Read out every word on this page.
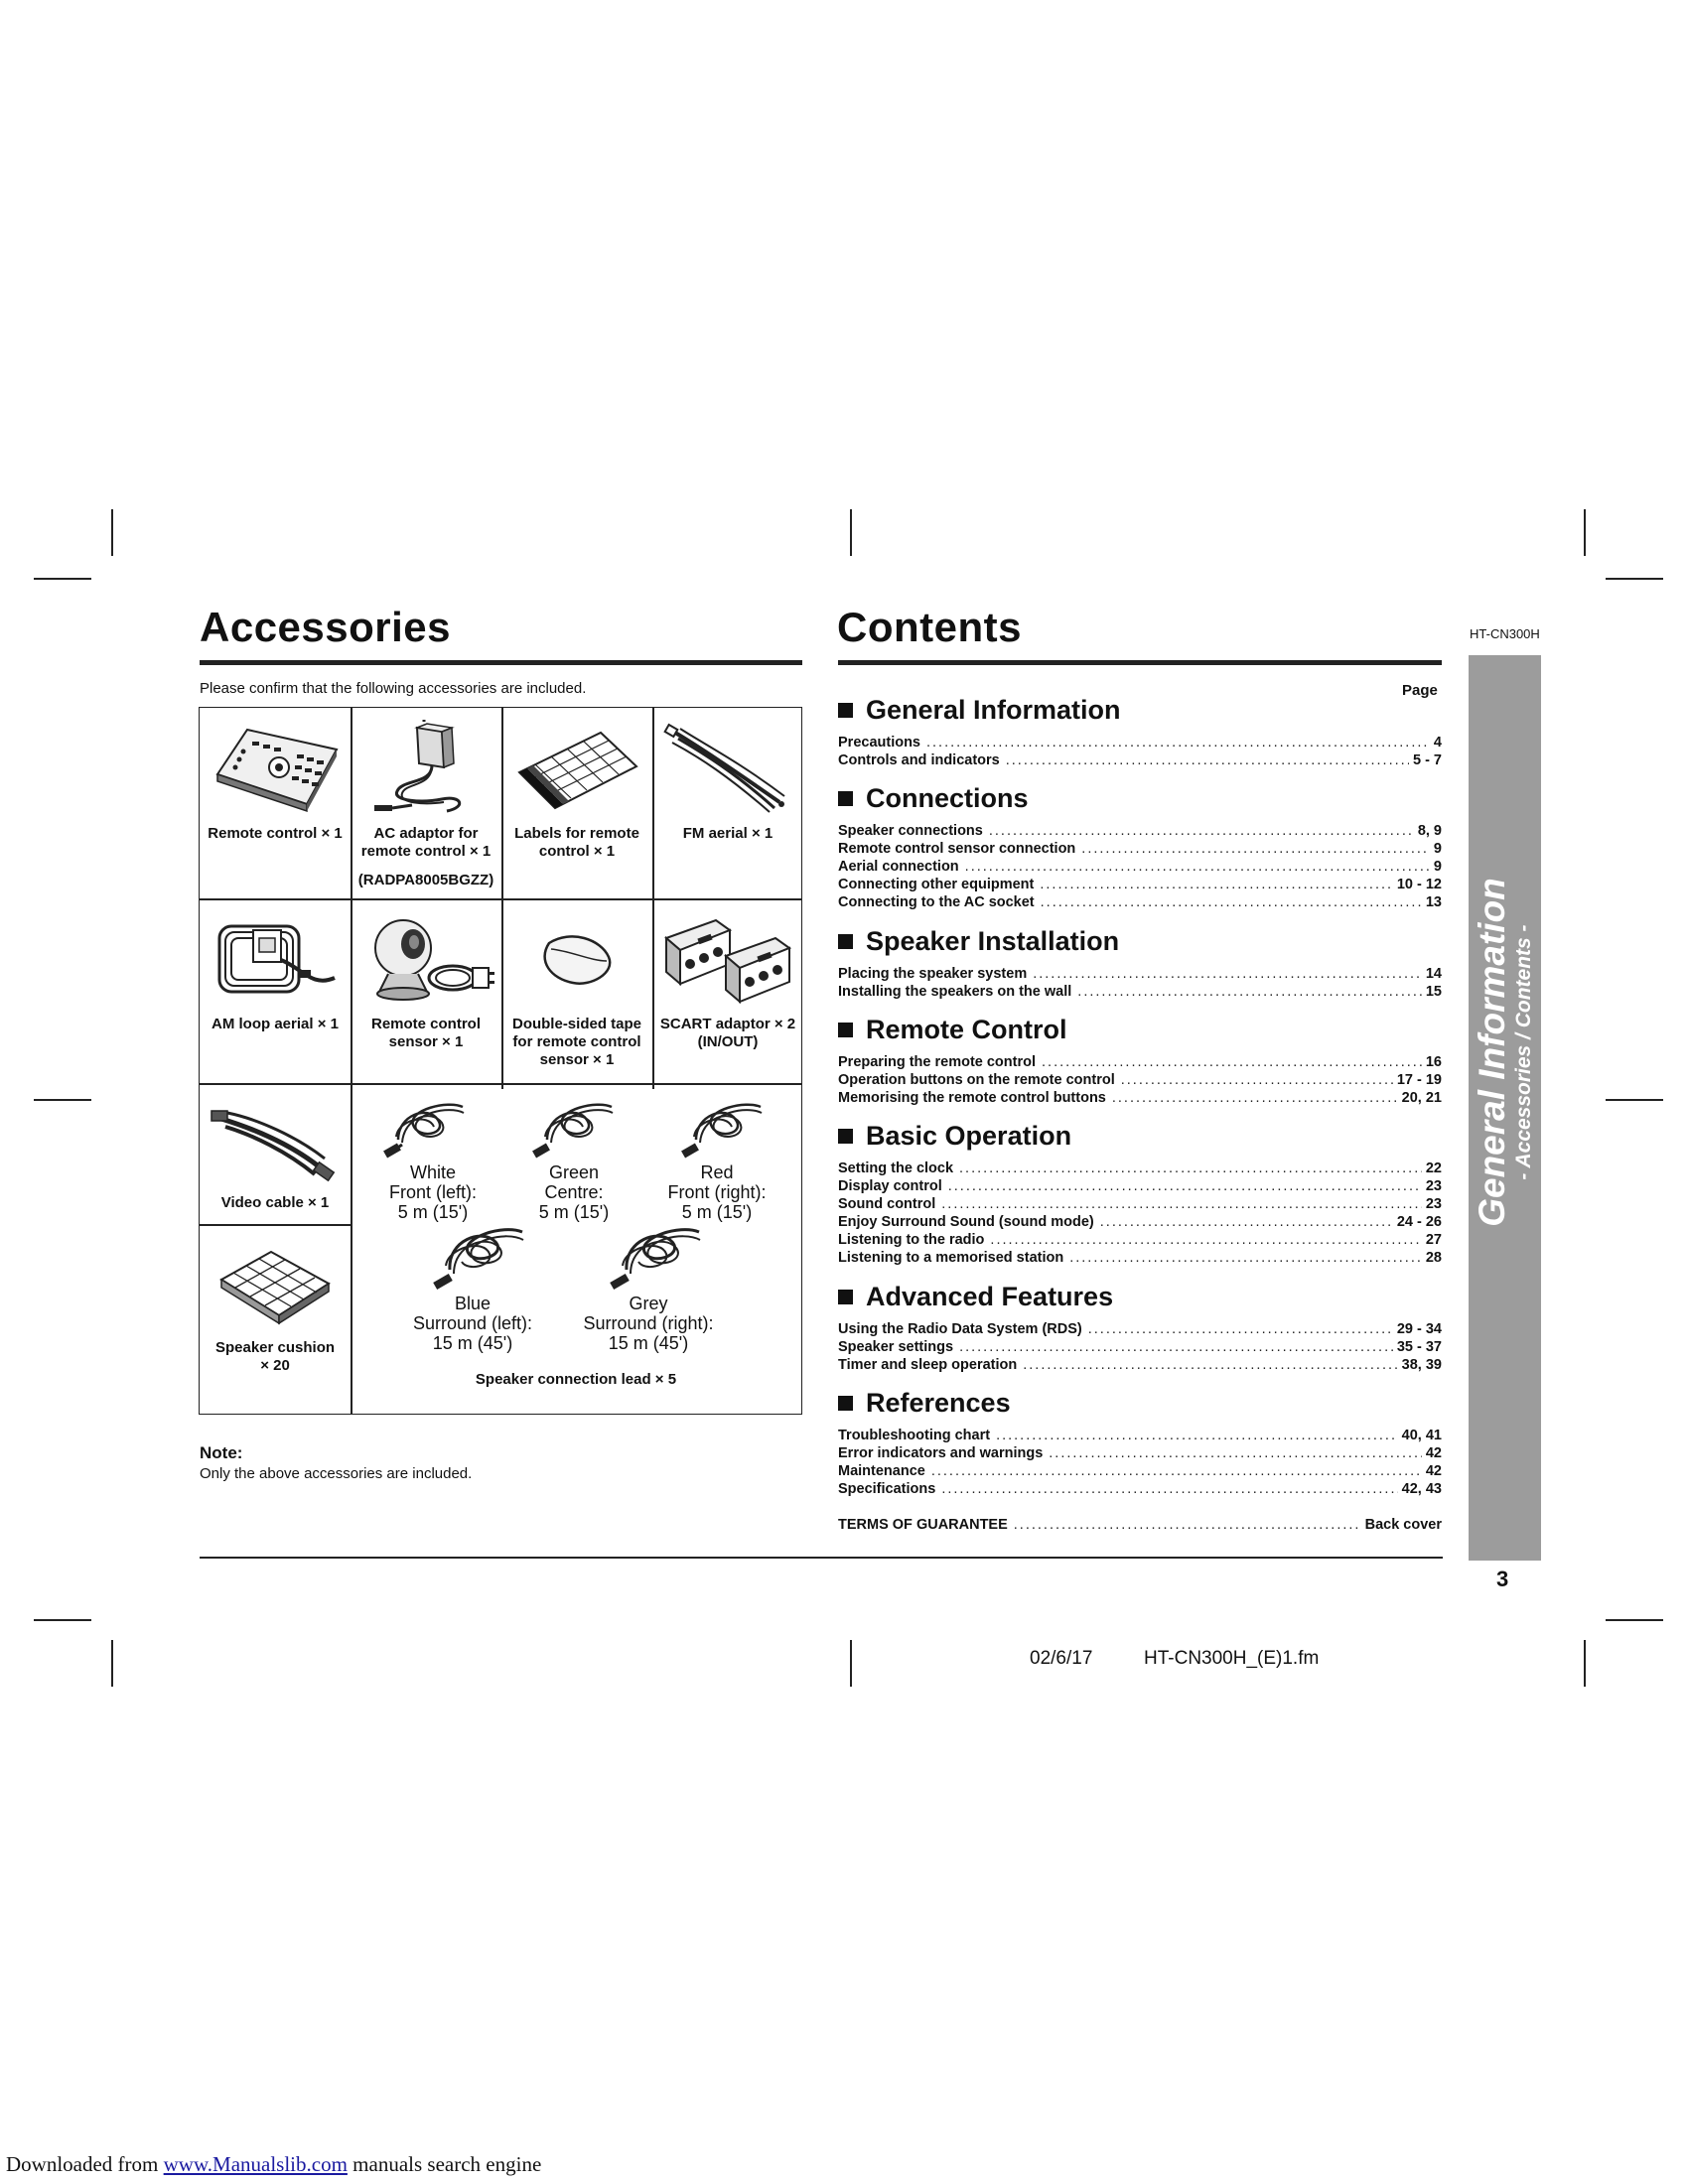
Accessories
Please confirm that the following accessories are included.
Remote control × 1	AC adaptor for
remote control × 1
(RADPA8005BGZZ)
Labels for remote
control × 1
FM aerial × 1
AM loop aerial × 1	Remote control
sensor × 1
Double-sided tape
for remote control
sensor × 1
SCART adaptor × 2
(IN/OUT)
Video cable × 1
Speaker cushion
× 20
White
Front (left):
5 m (15')
Green
Centre:
5 m (15')
Red
Front (right):
5 m (15')
Blue
Surround (left):
15 m (45')
Grey
Surround (right):
15 m (45')
Speaker connection lead × 5
Note:
Only the above accessories are included.
Contents	HT-CN300H
Page
General Information
Precautions .....	4
Controls and indicators .....	5 - 7
Connections
Speaker connections .....	8, 9
Remote control sensor connection .....	9
Aerial connection .....	9
Connecting other equipment .....	10 - 12
Connecting to the AC socket .....	13
Speaker Installation
Placing the speaker system .....	14
Installing the speakers on the wall .....	15
Remote Control
Preparing the remote control .....	16
Operation buttons on the remote control .....	17 - 19
Memorising the remote control buttons .....	20, 21
Basic Operation
Setting the clock .....	22
Display control .....	23
Sound control .....	23
Enjoy Surround Sound (sound mode) .....	24 - 26
Listening to the radio .....	27
Listening to a memorised station .....	28
Advanced Features
Using the Radio Data System (RDS) .....	29 - 34
Speaker settings .....	35 - 37
Timer and sleep operation .....	38, 39
References
Troubleshooting chart .....	40, 41
Error indicators and warnings .....	42
Maintenance .....	42
Specifications .....	42, 43
TERMS OF GUARANTEE .....	Back cover
General Information - Accessories / Contents -
3
02/6/17	HT-CN300H_(E)1.fm
Downloaded from www.Manualslib.com manuals search engine
